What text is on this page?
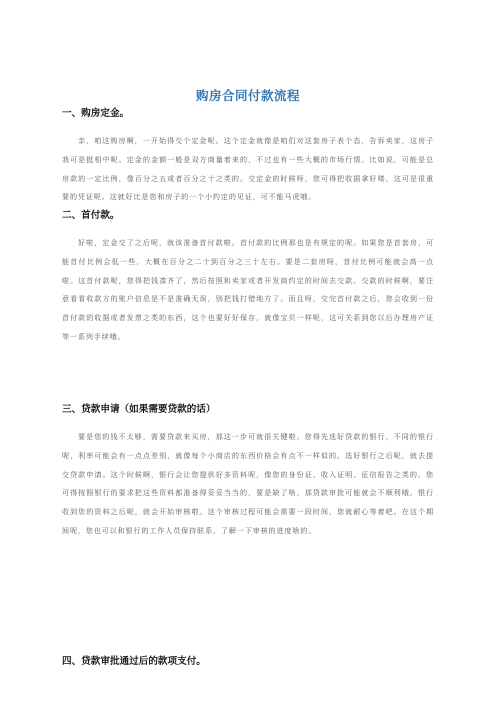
购房合同付款流程
一、购房定金。
亲，咱这购房啊，一开始得交个定金呢。这个定金就像是咱们对这套房子表个态，告诉卖家，这房子我可是挺相中呢。定金的金额一般是双方商量着来的，不过也有一些大概的市场行情。比如说，可能是总房款的一定比例，像百分之五或者百分之十之类的。交定金的时候呀，您可得把收据拿好喽，这可是很重要的凭证呢。这就好比是您和房子的一个小约定的见证，可不能马虎哦。
二、首付款。
好啦，定金交了之后呢，就该准备首付款啦。首付款的比例那也是有规定的呢。如果您是首套房，可能首付比例会低一些，大概在百分之二十到百分之三十左右。要是二套房呀，首付比例可能就会高一点啦。这首付款呢，您得把钱凑齐了，然后按照和卖家或者开发商约定的时间去交款。交款的时候啊，要注意看看收款方的账户信息是不是准确无误，别把钱打错地方了。而且呀，交完首付款之后，您会收到一份首付款的收据或者发票之类的东西，这个也要好好保存，就像宝贝一样呢，这可关系到您以后办理房产证等一系列手续哦。
三、贷款申请（如果需要贷款的话）
要是您的钱不太够，需要贷款来买房，那这一步可就很关键啦。您得先选好贷款的银行，不同的银行呢，利率可能会有一点点差别，就像每个小商店的东西价格会有点不一样似的。选好银行之后呢，就去提交贷款申请。这个时候啊，银行会让您提供好多资料呢，像您的身份证、收入证明、征信报告之类的。您可得按照银行的要求把这些资料都准备得妥妥当当的，要是缺了啥，那贷款审批可能就会不顺利哦。银行收到您的资料之后呢，就会开始审核啦。这个审核过程可能会需要一段时间，您就耐心等着吧。在这个期间呢，您也可以和银行的工作人员保持联系，了解一下审核的进度啥的。
四、贷款审批通过后的款项支付。
